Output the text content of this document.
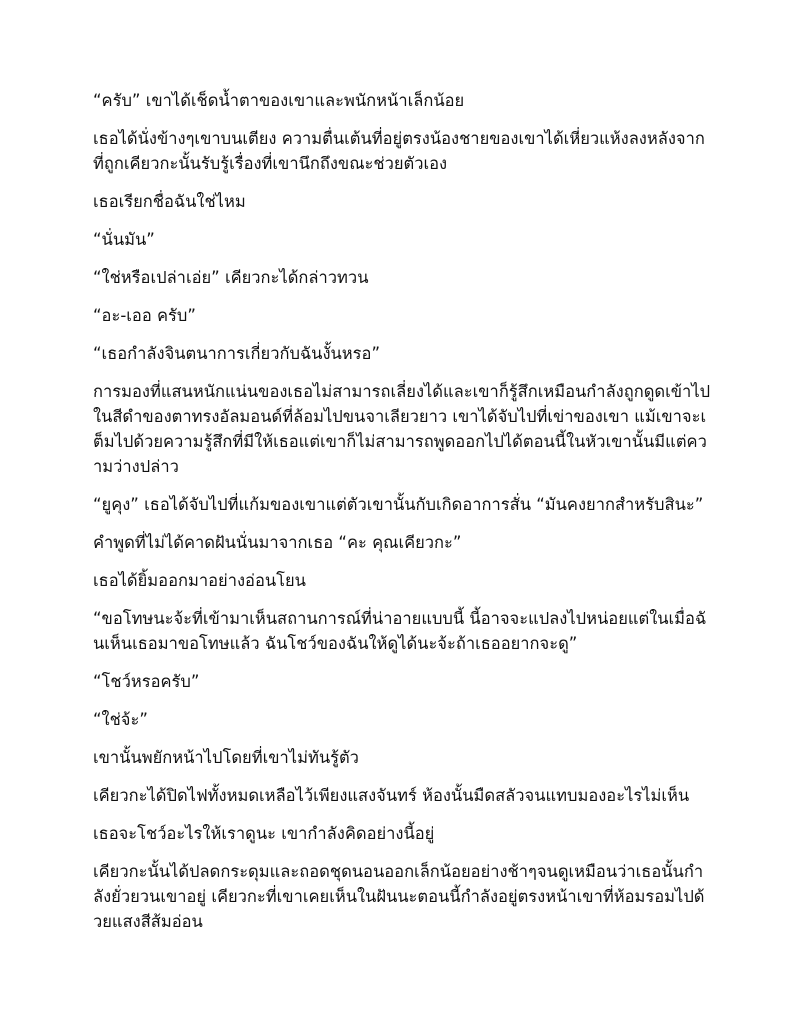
“ครับ” เขาได้เช็ดน้ำตาของเขาและพนักหน้าเล็กน้อย

เธอได้นั่งข้างๆเขาบนเตียง ความตื่นเต้นที่อยู่ตรงน้องชายของเขาได้เหี่ยวแห้งลงหลังจากที่ถูกเคียวกะนั้นรับรู้เรื่องที่เขานึกถึงขณะช่วยตัวเอง

เธอเรียกชื่อฉันใช่ไหม

“นั่นมัน”

“ใช่หรือเปล่าเอ่ย” เคียวกะได้กล่าวทวน

“อะ-เออ ครับ”

“เธอกำลังจินตนาการเกี่ยวกับฉันงั้นหรอ”

การมองที่แสนหนักแน่นของเธอไม่สามารถเลี่ยงได้และเขาก็รู้สึกเหมือนกำลังถูกดูดเข้าไปในสีดำของตาทรงอัลมอนด์ที่ล้อมไปขนจาเลียวยาว เขาได้จับไปที่เข่าของเขา แม้เขาจะเต็มไปด้วยความรู้สึกที่มีให้เธอแต่เขาก็ไม่สามารถพูดออกไปได้ตอนนี้ในหัวเขานั้นมีแต่ความว่างปล่าว

“ยูคุง” เธอได้จับไปที่แก้มของเขาแต่ตัวเขานั้นกับเกิดอาการสั่น “มันคงยากสำหรับสินะ”

คำพูดที่ไม่ได้คาดฝันนั่นมาจากเธอ “คะ คุณเคียวกะ”

เธอได้ยิ้มออกมาอย่างอ่อนโยน

“ขอโทษนะจ้ะที่เข้ามาเห็นสถานการณ์ที่น่าอายแบบนี้ นี้อาจจะแปลงไปหน่อยแต่ในเมื่อฉันเห็นเธอมาขอโทษแล้ว ฉันโชว์ของฉันให้ดูได้นะจ้ะถ้าเธออยากจะดู”

“โชว์หรอครับ”

“ใช่จ้ะ”

เขานั้นพยักหน้าไปโดยที่เขาไม่ทันรู้ตัว

เคียวกะได้ปิดไฟทั้งหมดเหลือไว้เพียงแสงจันทร์ ห้องนั้นมืดสลัวจนแทบมองอะไรไม่เห็น

เธอจะโชว์อะไรให้เราดูนะ เขากำลังคิดอย่างนี้อยู่

เคียวกะนั้นได้ปลดกระดุมและถอดชุดนอนออกเล็กน้อยอย่างช้าๆจนดูเหมือนว่าเธอนั้นกำลังยั่วยวนเขาอยู่ เคียวกะที่เขาเคยเห็นในฝันนะตอนนี้กำลังอยู่ตรงหน้าเขาที่ห้อมรอมไปด้วยแสงสีส้มอ่อน
